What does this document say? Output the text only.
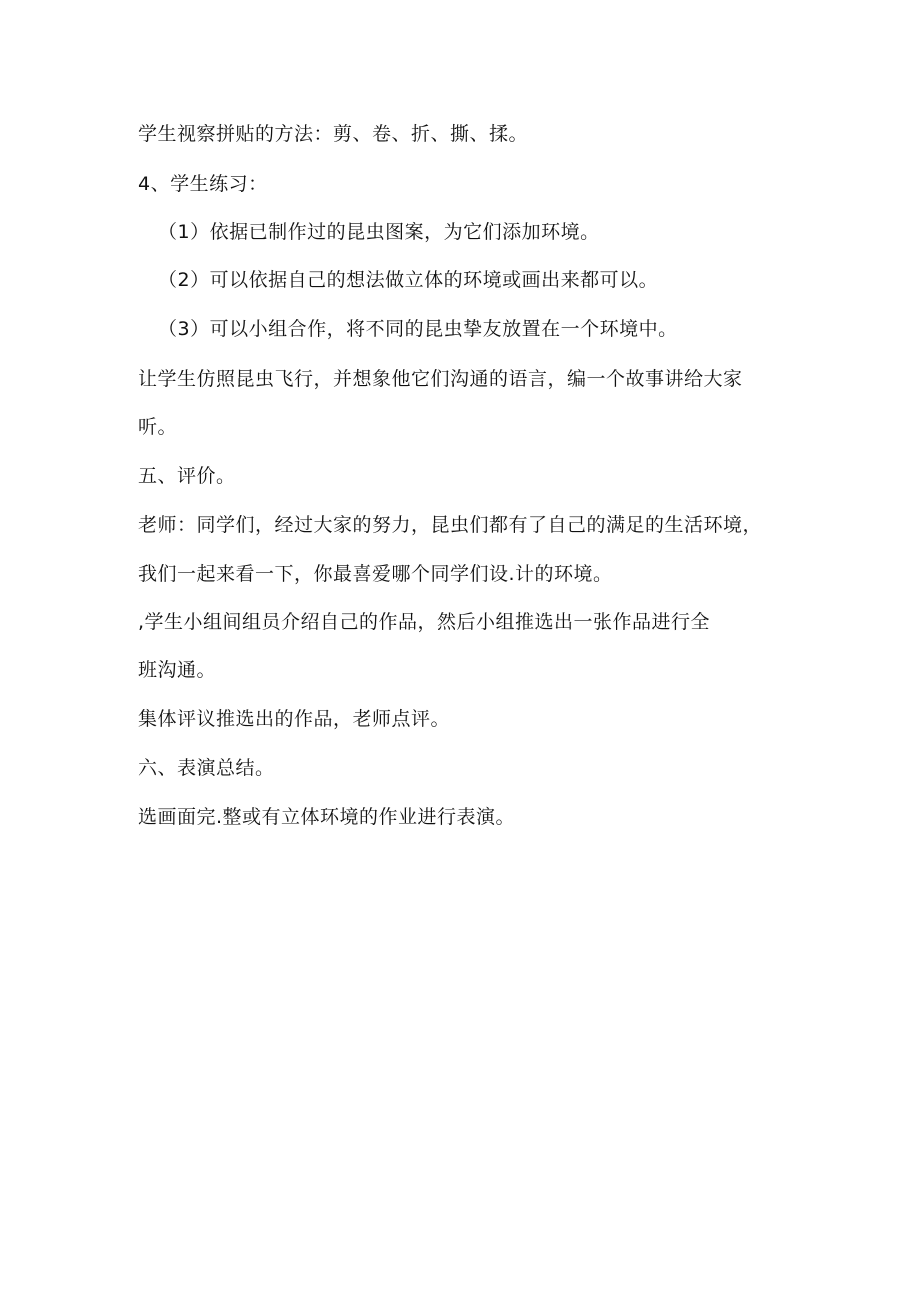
学生视察拼贴的方法：剪、卷、折、撕、揉。
4、学生练习：
（1）依据已制作过的昆虫图案，为它们添加环境。
（2）可以依据自己的想法做立体的环境或画出来都可以。
（3）可以小组合作，将不同的昆虫挚友放置在一个环境中。
让学生仿照昆虫飞行，并想象他它们沟通的语言，编一个故事讲给大家
听。
五、评价。
老师：同学们，经过大家的努力，昆虫们都有了自己的满足的生活环境，
我们一起来看一下，你最喜爱哪个同学们设.计的环境。
,学生小组间组员介绍自己的作品，然后小组推选出一张作品进行全
班沟通。
集体评议推选出的作品，老师点评。
六、表演总结。
选画面完.整或有立体环境的作业进行表演。
